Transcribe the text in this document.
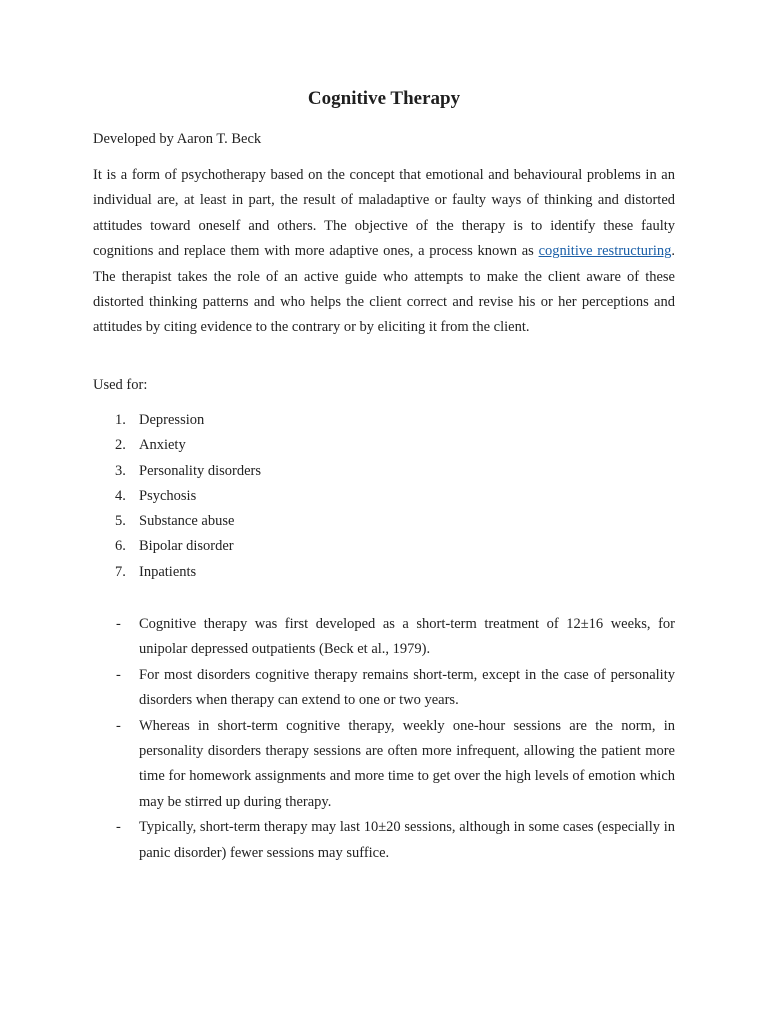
Cognitive Therapy

Developed by Aaron T. Beck

It is a form of psychotherapy based on the concept that emotional and behavioural problems in an individual are, at least in part, the result of maladaptive or faulty ways of thinking and distorted attitudes toward oneself and others. The objective of the therapy is to identify these faulty cognitions and replace them with more adaptive ones, a process known as cognitive restructuring. The therapist takes the role of an active guide who attempts to make the client aware of these distorted thinking patterns and who helps the client correct and revise his or her perceptions and attitudes by citing evidence to the contrary or by eliciting it from the client.

Used for:

1. Depression
2. Anxiety
3. Personality disorders
4. Psychosis
5. Substance abuse
6. Bipolar disorder
7. Inpatients
- Cognitive therapy was first developed as a short-term treatment of 12±16 weeks, for unipolar depressed outpatients (Beck et al., 1979).
- For most disorders cognitive therapy remains short-term, except in the case of personality disorders when therapy can extend to one or two years.
- Whereas in short-term cognitive therapy, weekly one-hour sessions are the norm, in personality disorders therapy sessions are often more infrequent, allowing the patient more time for homework assignments and more time to get over the high levels of emotion which may be stirred up during therapy.
- Typically, short-term therapy may last 10±20 sessions, although in some cases (especially in panic disorder) fewer sessions may suffice.
